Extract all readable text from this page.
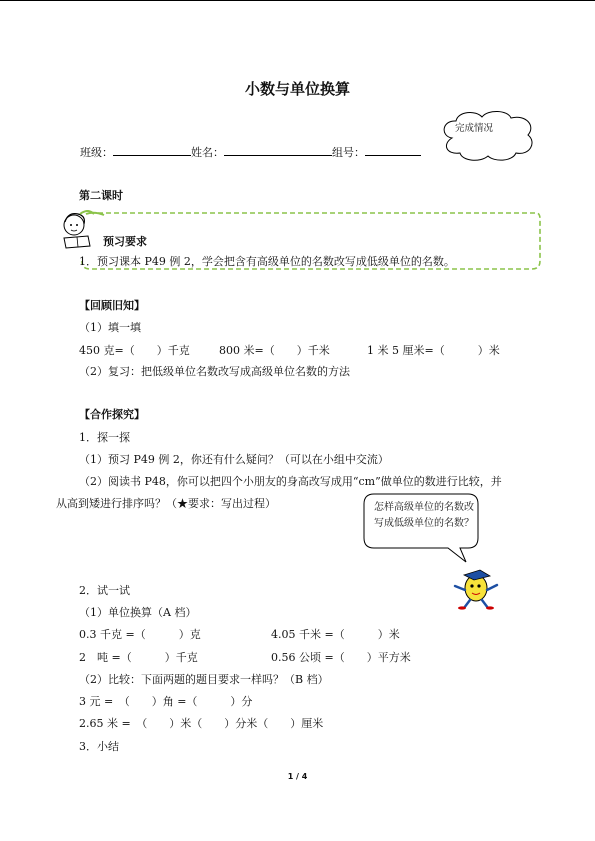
小数与单位换算
完成情况
班级：	姓名：	组号：
第二课时
预习要求
1．预习课本 P49 例 2，学会把含有高级单位的名数改写成低级单位的名数。
【回顾旧知】
（1）填一填
450 克=（　　）千克	800 米=（　　）千米	1 米 5 厘米=（　　　）米
（2）复习：把低级单位名数改写成高级单位名数的方法
【合作探究】
1．探一探
（1）预习 P49 例 2，你还有什么疑问？（可以在小组中交流）
（2）阅读书 P48，你可以把四个小朋友的身高改写成用“cm”做单位的数进行比较，并
从高到矮进行排序吗？（★要求：写出过程）	怎样高级单位的名数改写成低级单位的名数？
2．试一试
（1）单位换算（A 档）
0.3 千克 =（　　　）克	4.05 千米 =（　　　）米
2　吨 =（　　　）千克	0.56 公顷 =（　　）平方米
（2）比较：下面两题的题目要求一样吗？（B 档）
3 元 =　（　　）角 =（　　　）分
2.65 米 =　（　　）米（　　）分米（　　）厘米
3．小结
1 / 4
